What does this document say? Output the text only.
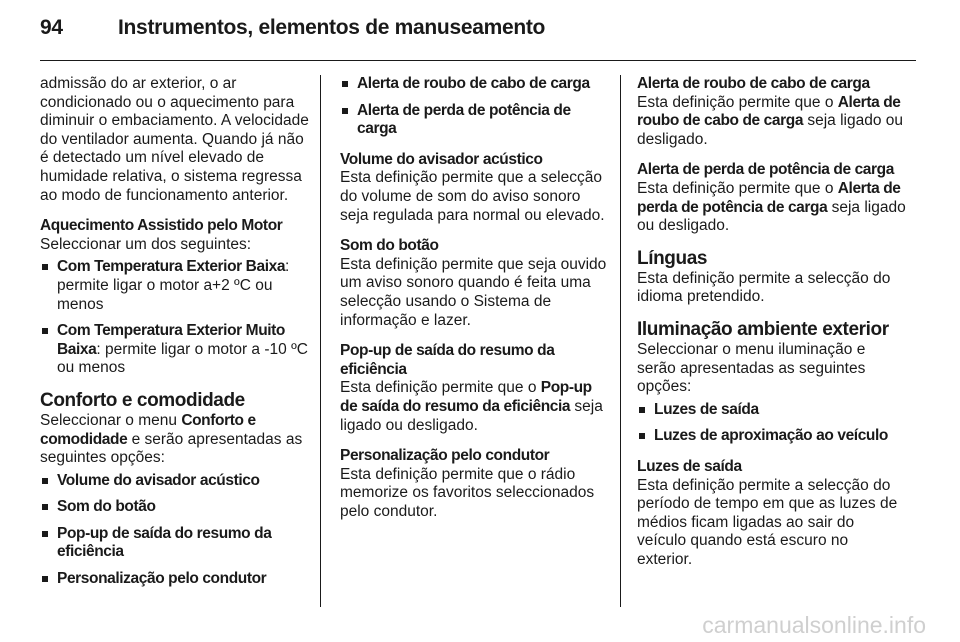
94	Instrumentos, elementos de manuseamento

admissão do ar exterior, o ar condicionado ou o aquecimento para diminuir o embaciamento. A velocidade do ventilador aumenta. Quando já não é detectado um nível elevado de humidade relativa, o sistema regressa ao modo de funcionamento anterior.

Aquecimento Assistido pelo Motor
Seleccionar um dos seguintes:
Com Temperatura Exterior Baixa: permite ligar o motor a+2 ºC ou menos
Com Temperatura Exterior Muito Baixa: permite ligar o motor a -10 ºC ou menos
Conforto e comodidade
Seleccionar o menu Conforto e comodidade e serão apresentadas as seguintes opções:
Volume do avisador acústico
Som do botão
Pop-up de saída do resumo da eficiência
Personalização pelo condutor
Alerta de roubo de cabo de carga
Alerta de perda de potência de carga

Volume do avisador acústico
Esta definição permite que a selecção do volume de som do aviso sonoro seja regulada para normal ou elevado.

Som do botão
Esta definição permite que seja ouvido um aviso sonoro quando é feita uma selecção usando o Sistema de informação e lazer.

Pop-up de saída do resumo da eficiência
Esta definição permite que o Pop-up de saída do resumo da eficiência seja ligado ou desligado.

Personalização pelo condutor
Esta definição permite que o rádio memorize os favoritos seleccionados pelo condutor.

Alerta de roubo de cabo de carga
Esta definição permite que o Alerta de roubo de cabo de carga seja ligado ou desligado.

Alerta de perda de potência de carga
Esta definição permite que o Alerta de perda de potência de carga seja ligado ou desligado.

Línguas
Esta definição permite a selecção do idioma pretendido.
Iluminação ambiente exterior
Seleccionar o menu iluminação e serão apresentadas as seguintes opções:
Luzes de saída
Luzes de aproximação ao veículo

Luzes de saída
Esta definição permite a selecção do período de tempo em que as luzes de médios ficam ligadas ao sair do veículo quando está escuro no exterior.

carmanualsonline.info
